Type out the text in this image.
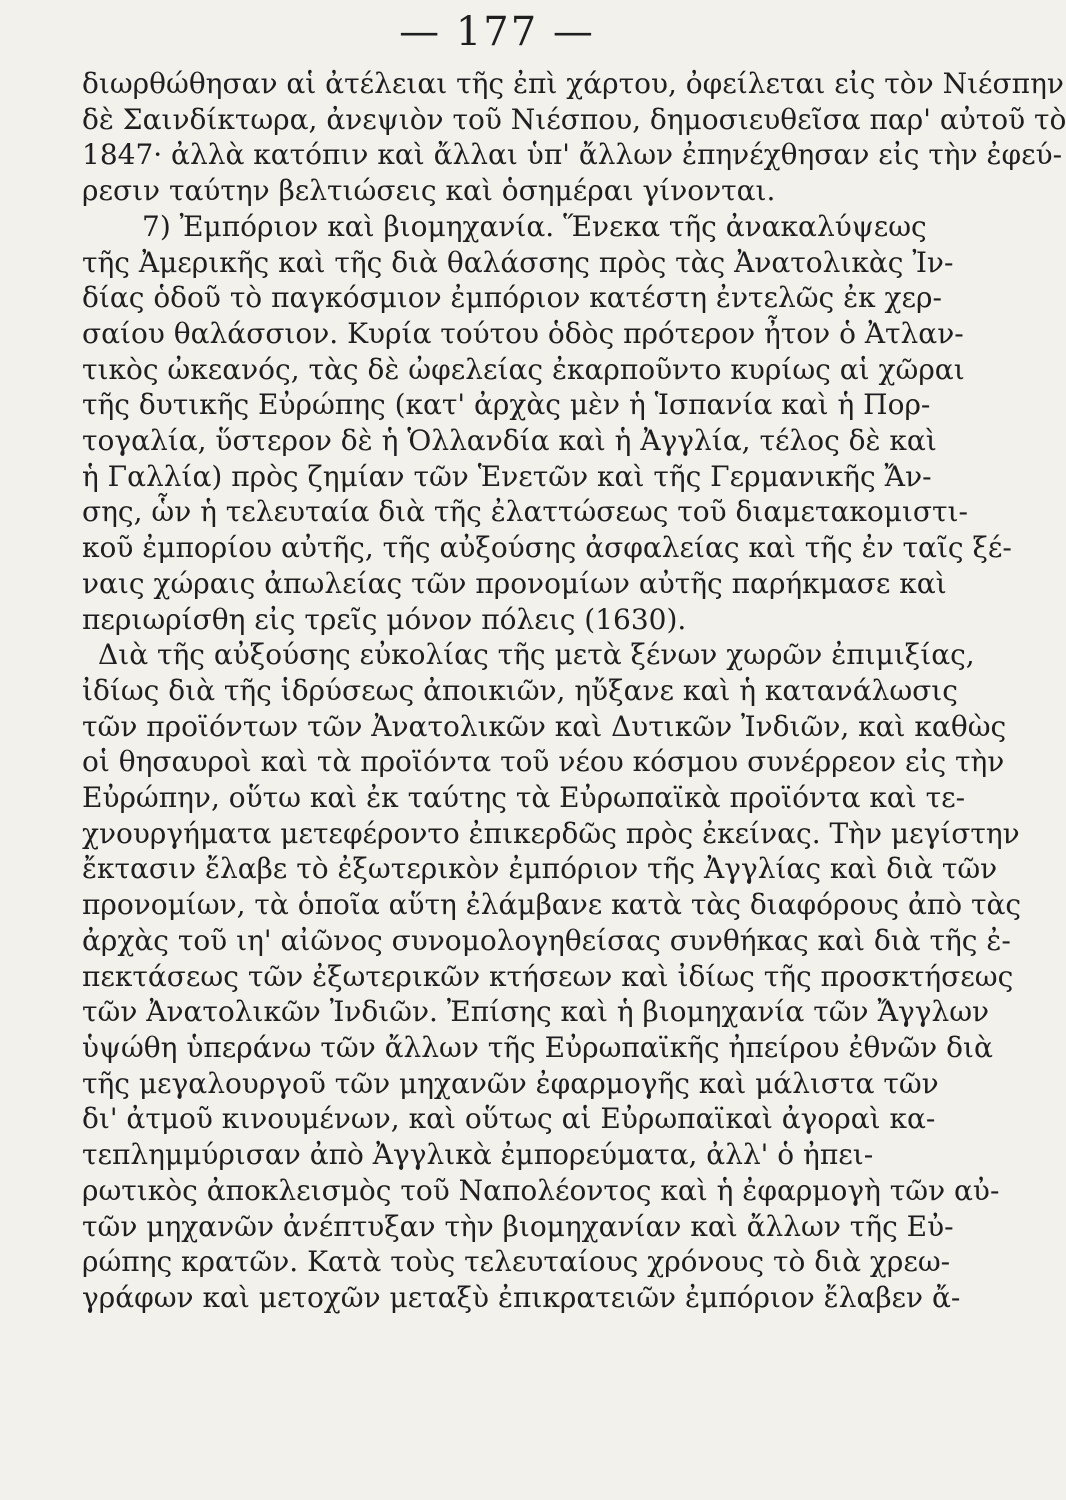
— 177 —
διωρθώθησαν αἱ ἀτέλειαι τῆς ἐπὶ χάρτου, ὀφείλεται εἰς τὸν Νιέσπην
δὲ Σαινδίκτωρα, ἀνεψιὸν τοῦ Νιέσπου, δημοσιευθεῖσα παρ' αὐτοῦ τὸ
1847· ἀλλὰ κατόπιν καὶ ἄλλαι ὑπ' ἄλλων ἐπηνέχθησαν εἰς τὴν ἐφεύ-
ρεσιν ταύτην βελτιώσεις καὶ ὁσημέραι γίνονται.
7) Ἐμπόριον καὶ βιομηχανία. Ἕνεκα τῆς ἀνακαλύψεως
τῆς Ἀμερικῆς καὶ τῆς διὰ θαλάσσης πρὸς τὰς Ἀνατολικὰς Ἰν-
δίας ὁδοῦ τὸ παγκόσμιον ἐμπόριον κατέστη ἐντελῶς ἐκ χερ-
σαίου θαλάσσιον. Κυρία τούτου ὁδὸς πρότερον ἦτον ὁ Ἀτλαν-
τικὸς ὠκεανός, τὰς δὲ ὠφελείας ἐκαρποῦντο κυρίως αἱ χῶραι
τῆς δυτικῆς Εὐρώπης (κατ' ἀρχὰς μὲν ἡ Ἱσπανία καὶ ἡ Πορ-
τογαλία, ὕστερον δὲ ἡ Ὁλλανδία καὶ ἡ Ἀγγλία, τέλος δὲ καὶ
ἡ Γαλλία) πρὸς ζημίαν τῶν Ἑνετῶν καὶ τῆς Γερμανικῆς Ἄν-
σης, ὧν ἡ τελευταία διὰ τῆς ἐλαττώσεως τοῦ διαμετακομιστι-
κοῦ ἐμπορίου αὐτῆς, τῆς αὐξούσης ἀσφαλείας καὶ τῆς ἐν ταῖς ξέ-
ναις χώραις ἀπωλείας τῶν προνομίων αὐτῆς παρήκμασε καὶ
περιωρίσθη εἰς τρεῖς μόνον πόλεις (1630).
Διὰ τῆς αὐξούσης εὐκολίας τῆς μετὰ ξένων χωρῶν ἐπιμιξίας,
ἰδίως διὰ τῆς ἱδρύσεως ἀποικιῶν, ηὔξανε καὶ ἡ κατανάλωσις
τῶν προϊόντων τῶν Ἀνατολικῶν καὶ Δυτικῶν Ἰνδιῶν, καὶ καθὼς
οἱ θησαυροὶ καὶ τὰ προϊόντα τοῦ νέου κόσμου συνέρρεον εἰς τὴν
Εὐρώπην, οὕτω καὶ ἐκ ταύτης τὰ Εὐρωπαϊκὰ προϊόντα καὶ τε-
χνουργήματα μετεφέροντο ἐπικερδῶς πρὸς ἐκείνας. Τὴν μεγίστην
ἔκτασιν ἔλαβε τὸ ἐξωτερικὸν ἐμπόριον τῆς Ἀγγλίας καὶ διὰ τῶν
προνομίων, τὰ ὁποῖα αὕτη ἐλάμβανε κατὰ τὰς διαφόρους ἀπὸ τὰς
ἀρχὰς τοῦ ιη' αἰῶνος συνομολογηθείσας συνθήκας καὶ διὰ τῆς ἐ-
πεκτάσεως τῶν ἐξωτερικῶν κτήσεων καὶ ἰδίως τῆς προσκτήσεως
τῶν Ἀνατολικῶν Ἰνδιῶν. Ἐπίσης καὶ ἡ βιομηχανία τῶν Ἄγγλων
ὑψώθη ὑπεράνω τῶν ἄλλων τῆς Εὐρωπαϊκῆς ἠπείρου ἐθνῶν διὰ
τῆς μεγαλουργοῦ τῶν μηχανῶν ἐφαρμογῆς καὶ μάλιστα τῶν
δι' ἀτμοῦ κινουμένων, καὶ οὕτως αἱ Εὐρωπαϊκαὶ ἀγοραὶ κα-
τεπλημμύρισαν ἀπὸ Ἀγγλικὰ ἐμπορεύματα, ἀλλ' ὁ ἠπει-
ρωτικὸς ἀποκλεισμὸς τοῦ Ναπολέοντος καὶ ἡ ἐφαρμογὴ τῶν αὐ-
τῶν μηχανῶν ἀνέπτυξαν τὴν βιομηχανίαν καὶ ἄλλων τῆς Εὐ-
ρώπης κρατῶν. Κατὰ τοὺς τελευταίους χρόνους τὸ διὰ χρεω-
γράφων καὶ μετοχῶν μεταξὺ ἐπικρατειῶν ἐμπόριον ἔλαβεν ἄ-
